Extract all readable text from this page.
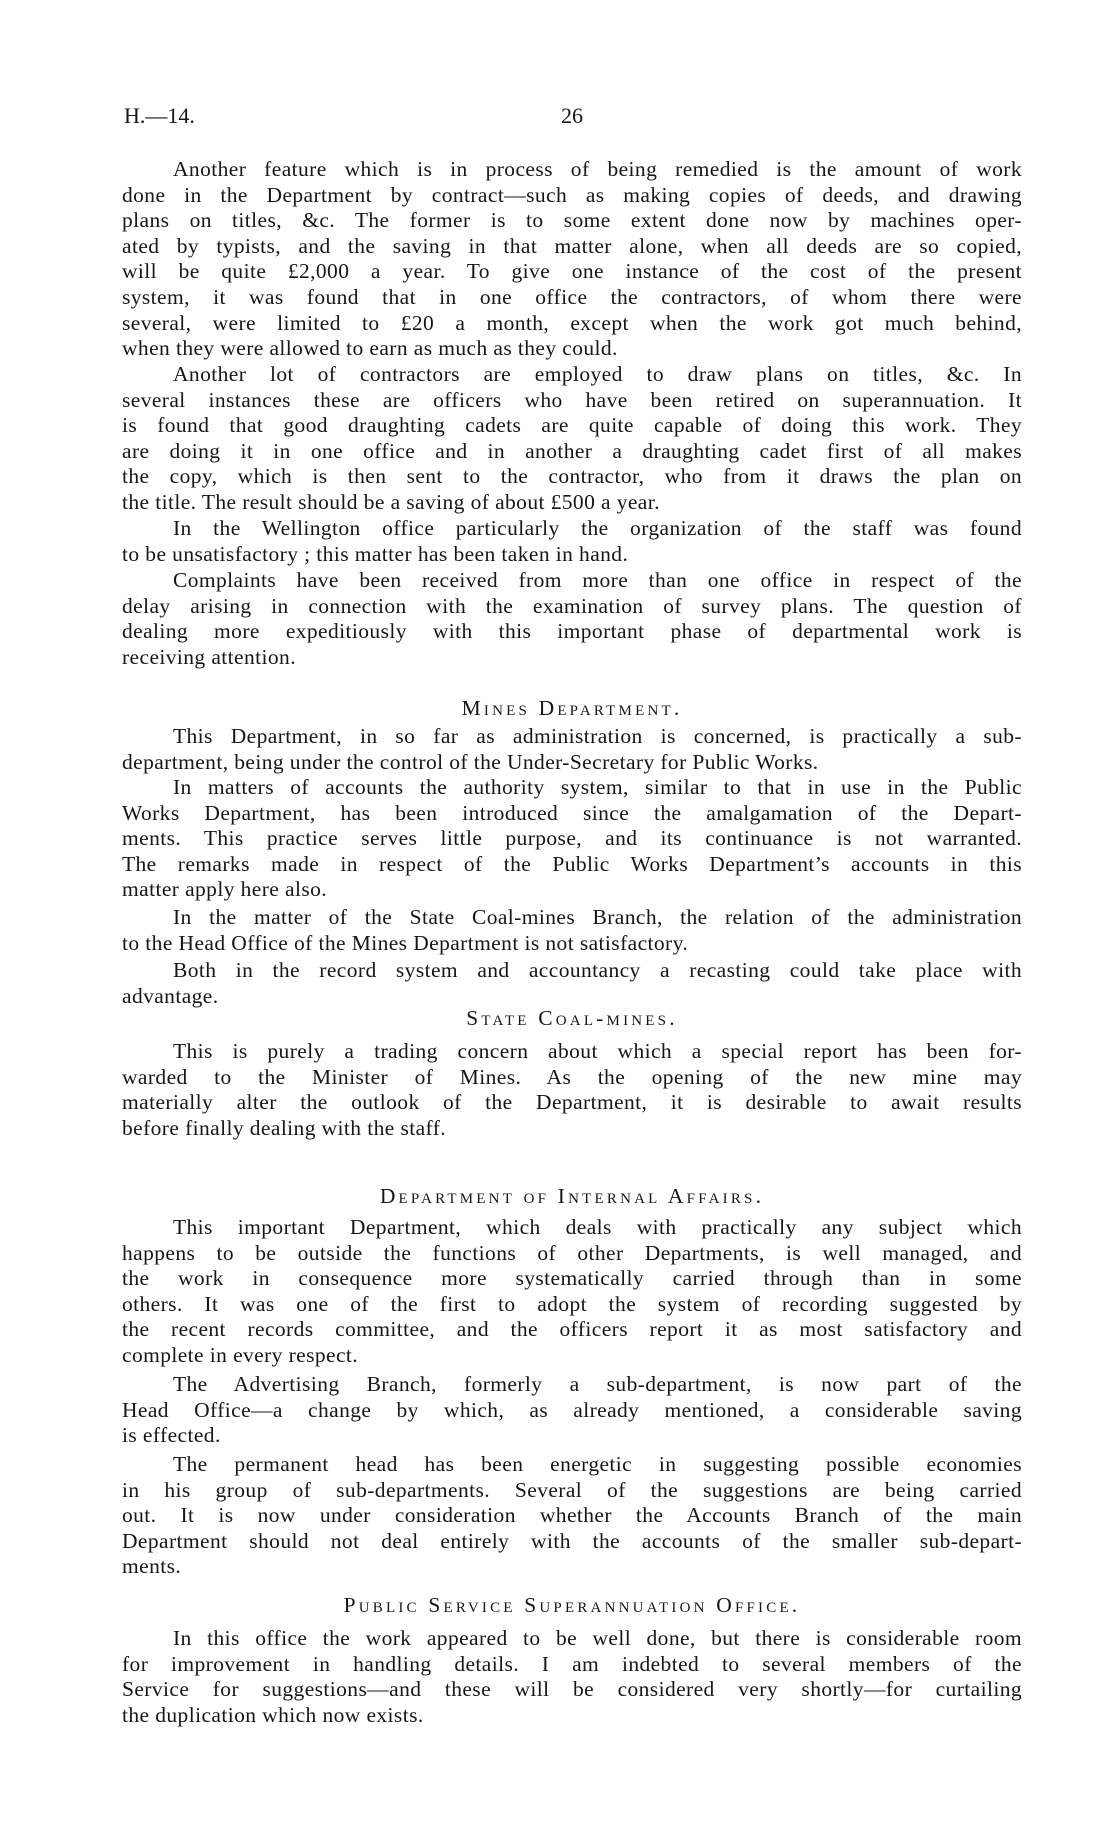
H.—14.	26
Another feature which is in process of being remedied is the amount of work
done in the Department by contract—such as making copies of deeds, and drawing
plans on titles, &c. The former is to some extent done now by machines oper-
ated by typists, and the saving in that matter alone, when all deeds are so copied,
will be quite £2,000 a year. To give one instance of the cost of the present
system, it was found that in one office the contractors, of whom there were
several, were limited to £20 a month, except when the work got much behind,
when they were allowed to earn as much as they could.
Another lot of contractors are employed to draw plans on titles, &c. In
several instances these are officers who have been retired on superannuation. It
is found that good draughting cadets are quite capable of doing this work. They
are doing it in one office and in another a draughting cadet first of all makes
the copy, which is then sent to the contractor, who from it draws the plan on
the title. The result should be a saving of about £500 a year.
In the Wellington office particularly the organization of the staff was found
to be unsatisfactory ; this matter has been taken in hand.
Complaints have been received from more than one office in respect of the
delay arising in connection with the examination of survey plans. The question of
dealing more expeditiously with this important phase of departmental work is
receiving attention.
Mines Department.
This Department, in so far as administration is concerned, is practically a sub-
department, being under the control of the Under-Secretary for Public Works.
In matters of accounts the authority system, similar to that in use in the Public
Works Department, has been introduced since the amalgamation of the Depart-
ments. This practice serves little purpose, and its continuance is not warranted.
The remarks made in respect of the Public Works Department’s accounts in this
matter apply here also.
In the matter of the State Coal-mines Branch, the relation of the administration
to the Head Office of the Mines Department is not satisfactory.
Both in the record system and accountancy a recasting could take place with
advantage.
State Coal-mines.
This is purely a trading concern about which a special report has been for-
warded to the Minister of Mines. As the opening of the new mine may
materially alter the outlook of the Department, it is desirable to await results
before finally dealing with the staff.
Department of Internal Affairs.
This important Department, which deals with practically any subject which
happens to be outside the functions of other Departments, is well managed, and
the work in consequence more systematically carried through than in some
others. It was one of the first to adopt the system of recording suggested by
the recent records committee, and the officers report it as most satisfactory and
complete in every respect.
The Advertising Branch, formerly a sub-department, is now part of the
Head Office—a change by which, as already mentioned, a considerable saving
is effected.
The permanent head has been energetic in suggesting possible economies
in his group of sub-departments. Several of the suggestions are being carried
out. It is now under consideration whether the Accounts Branch of the main
Department should not deal entirely with the accounts of the smaller sub-depart-
ments.
Public Service Superannuation Office.
In this office the work appeared to be well done, but there is considerable room
for improvement in handling details. I am indebted to several members of the
Service for suggestions—and these will be considered very shortly—for curtailing
the duplication which now exists.
